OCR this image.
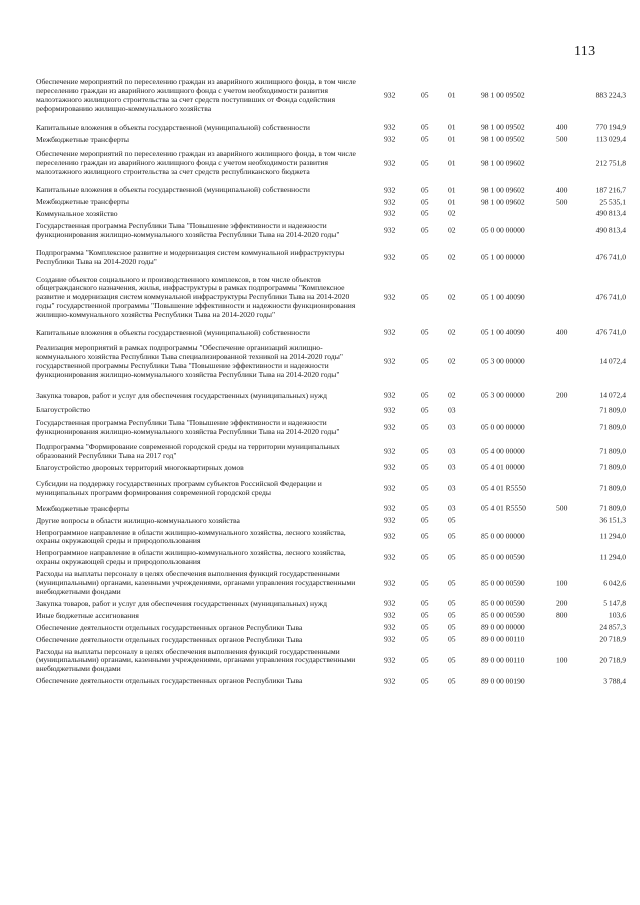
113
Обеспечение мероприятий по переселению граждан из аварийного жилищного фонда, в том числе переселению граждан из аварийного жилищного фонда с учетом необходимости развития малоэтажного жилищного строительства за счет средств поступивших от Фонда содействия реформированию жилищно-коммунального хозяйства
932	05	01	98 1 00 09502	883 224,3
Капитальные вложения в объекты государственной (муниципальной) собственности	932	05	01	98 1 00 09502	400	770 194,9
Межбюджетные трансферты	932	05	01	98 1 00 09502	500	113 029,4
Обеспечение мероприятий по переселению граждан из аварийного жилищного фонда, в том числе переселению граждан из аварийного жилищного фонда с учетом необходимости развития малоэтажного жилищного строительства за счет средств республиканского бюджета
932	05	01	98 1 00 09602	212 751,8
Капитальные вложения в объекты государственной (муниципальной) собственности	932	05	01	98 1 00 09602	400	187 216,7
Межбюджетные трансферты	932	05	01	98 1 00 09602	500	25 535,1
Коммунальное хозяйство	932	05	02	490 813,4
Государственная программа Республики Тыва "Повышение эффективности и надежности функционирования жилищно-коммунального хозяйства Республики Тыва на 2014-2020 годы"	932	05	02	05 0 00 00000	490 813,4
Подпрограмма "Комплексное развитие и модернизация систем коммунальной инфраструктуры Республики Тыва на 2014-2020 годы"	932	05	02	05 1 00 00000	476 741,0
Создание объектов социального и производственного комплексов, в том числе объектов общегражданского назначения, жилья, инфраструктуры в рамках подпрограммы "Комплексное развитие и модернизация систем коммунальной инфраструктуры Республики Тыва на 2014-2020 годы" государственной программы "Повышение эффективности и надежности функционирования жилищно-коммунального хозяйства Республики Тыва на 2014-2020 годы"
932	05	02	05 1 00 40090	476 741,0
Капитальные вложения в объекты государственной (муниципальной) собственности	932	05	02	05 1 00 40090	400	476 741,0
Реализация мероприятий в рамках подпрограммы "Обеспечение организаций жилищно-коммунального хозяйства Республики Тыва специализированной техникой на 2014-2020 годы" государственной программы Республики Тыва "Повышение эффективности и надежности функционирования жилищно-коммунального хозяйства Республики Тыва на 2014-2020 годы"
932	05	02	05 3 00 00000	14 072,4
Закупка товаров, работ и услуг для обеспечения государственных (муниципальных) нужд	932	05	02	05 3 00 00000	200	14 072,4
Благоустройство	932	05	03	71 809,0
Государственная программа Республики Тыва "Повышение эффективности и надежности функционирования жилищно-коммунального хозяйства Республики Тыва на 2014-2020 годы"	932	05	03	05 0 00 00000	71 809,0
Подпрограмма "Формирование современной городской среды на территории муниципальных образований Республики Тыва на 2017 год"	932	05	03	05 4 00 00000	71 809,0
Благоустройство дворовых территорий многоквартирных домов	932	05	03	05 4 01 00000	71 809,0
Субсидии на поддержку государственных программ субъектов Российской Федерации и муниципальных программ формирования современной городской среды	932	05	03	05 4 01 R5550	71 809,0
Межбюджетные трансферты	932	05	03	05 4 01 R5550	500	71 809,0
Другие вопросы в области жилищно-коммунального хозяйства	932	05	05	36 151,3
Непрограммное направление в области жилищно-коммунального хозяйства, лесного хозяйства, охраны окружающей среды и природопользования	932	05	05	85 0 00 00000	11 294,0
Непрограммное направление в области жилищно-коммунального хозяйства, лесного хозяйства, охраны окружающей среды и природопользования	932	05	05	85 0 00 00590	11 294,0
Расходы на выплаты персоналу в целях обеспечения выполнения функций государственными (муниципальными) органами, казенными учреждениями, органами управления государственными внебюджетными фондами
932	05	05	85 0 00 00590	100	6 042,6
Закупка товаров, работ и услуг для обеспечения государственных (муниципальных) нужд	932	05	05	85 0 00 00590	200	5 147,8
Иные бюджетные ассигнования	932	05	05	85 0 00 00590	800	103,6
Обеспечение деятельности отдельных государственных органов Республики Тыва	932	05	05	89 0 00 00000	24 857,3
Обеспечение деятельности отдельных государственных органов Республики Тыва	932	05	05	89 0 00 00110	20 718,9
Расходы на выплаты персоналу в целях обеспечения выполнения функций государственными (муниципальными) органами, казенными учреждениями, органами управления государственными внебюджетными фондами
932	05	05	89 0 00 00110	100	20 718,9
Обеспечение деятельности отдельных государственных органов Республики Тыва	932	05	05	89 0 00 00190	3 788,4
